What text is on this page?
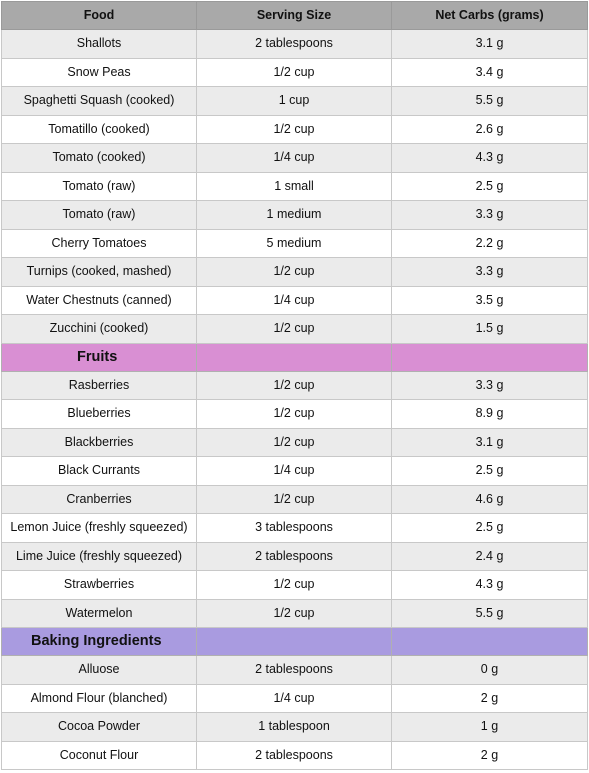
Food	Serving Size	Net Carbs (grams)
Shallots	2 tablespoons	3.1 g
Snow Peas	1/2 cup	3.4 g
Spaghetti Squash (cooked)	1 cup	5.5 g
Tomatillo (cooked)	1/2 cup	2.6 g
Tomato (cooked)	1/4 cup	4.3 g
Tomato (raw)	1 small	2.5 g
Tomato (raw)	1 medium	3.3 g
Cherry Tomatoes	5 medium	2.2 g
Turnips (cooked, mashed)	1/2 cup	3.3 g
Water Chestnuts (canned)	1/4 cup	3.5 g
Zucchini (cooked)	1/2 cup	1.5 g
Fruits		
Rasberries	1/2 cup	3.3 g
Blueberries	1/2 cup	8.9 g
Blackberries	1/2 cup	3.1 g
Black Currants	1/4 cup	2.5 g
Cranberries	1/2 cup	4.6 g
Lemon Juice (freshly squeezed)	3 tablespoons	2.5 g
Lime Juice (freshly squeezed)	2 tablespoons	2.4 g
Strawberries	1/2 cup	4.3 g
Watermelon	1/2 cup	5.5 g
Baking Ingredients		
Alluose	2 tablespoons	0 g
Almond Flour (blanched)	1/4 cup	2 g
Cocoa Powder	1 tablespoon	1 g
Coconut Flour	2 tablespoons	2 g
